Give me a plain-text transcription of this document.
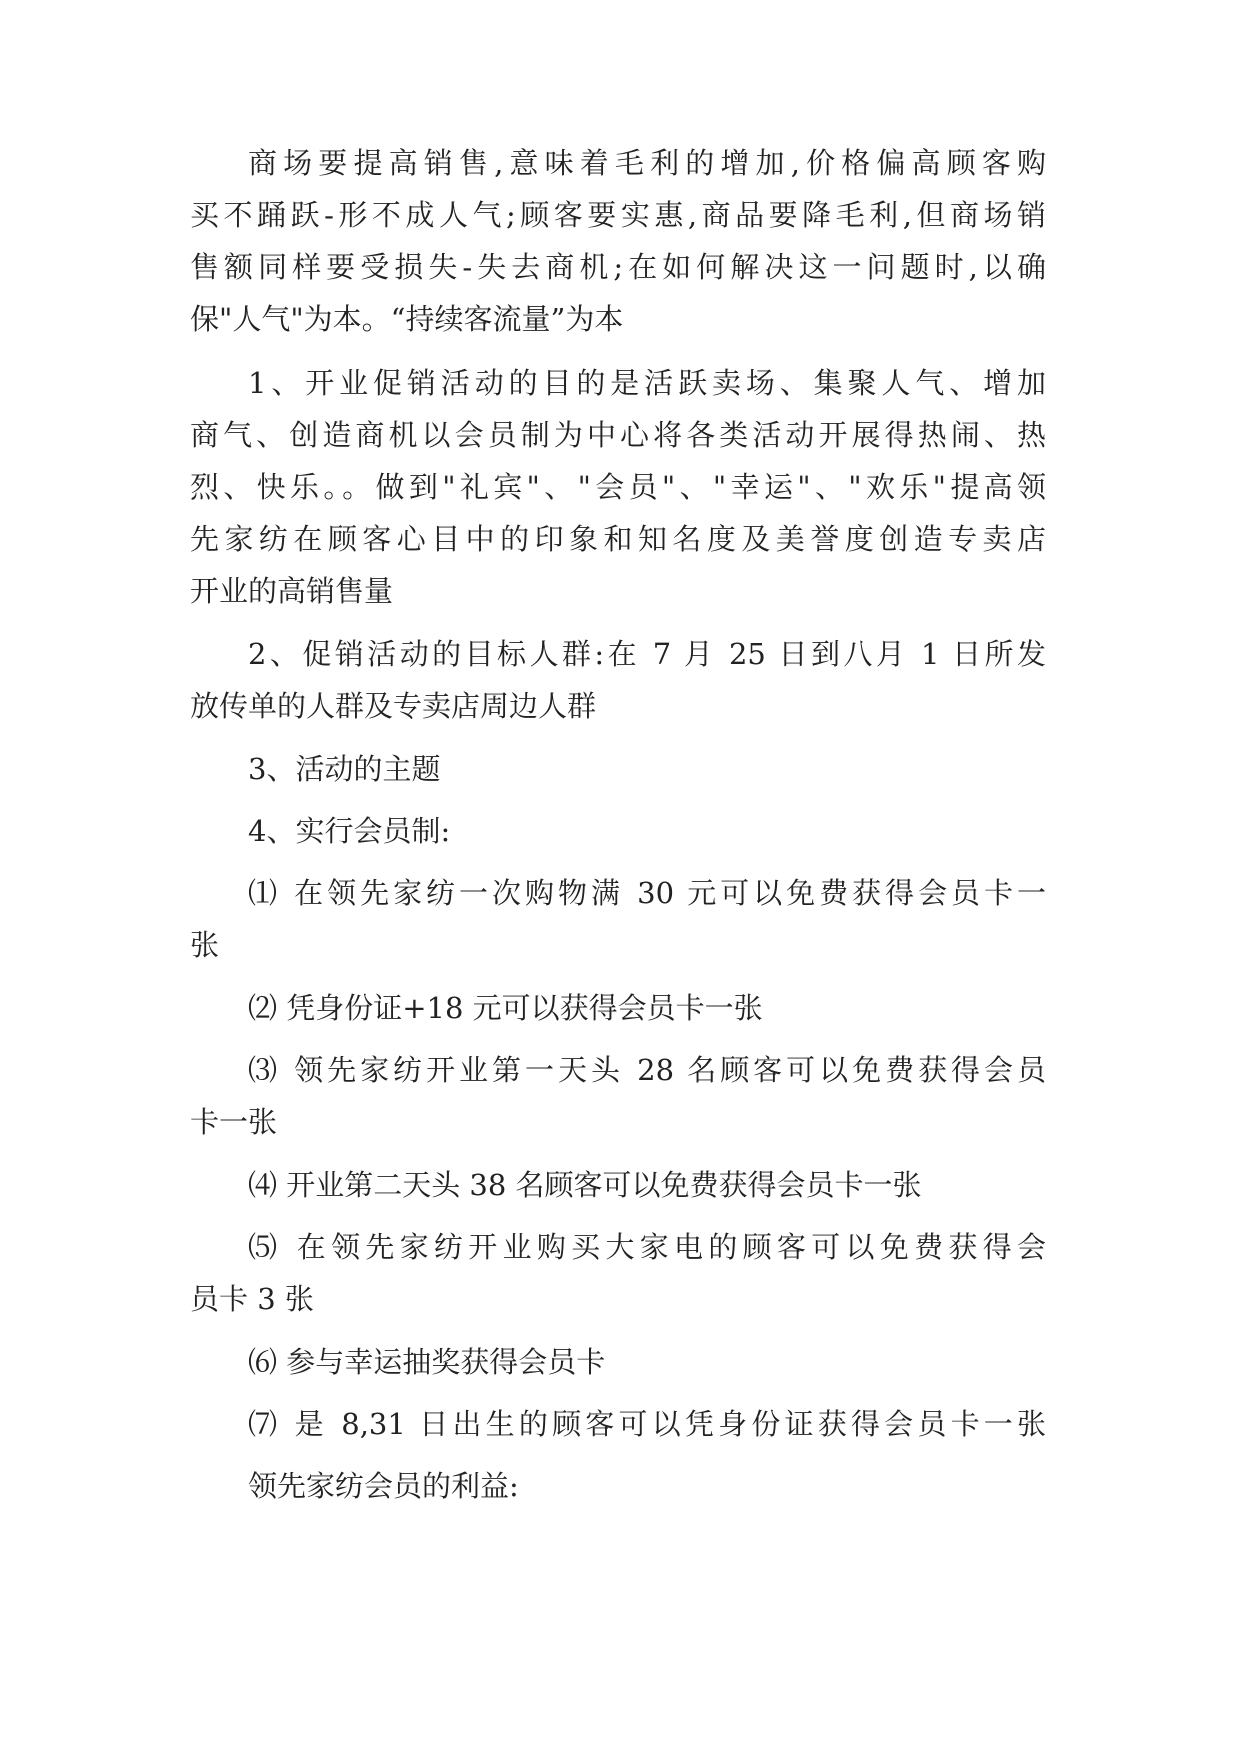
商场要提高销售,意味着毛利的增加,价格偏高顾客购

买不踊跃-形不成人气;顾客要实惠,商品要降毛利,但商场销

售额同样要受损失-失去商机;在如何解决这一问题时,以确

保"人气"为本。“持续客流量”为本

1、开业促销活动的目的是活跃卖场、集聚人气、增加

商气、创造商机以会员制为中心将各类活动开展得热闹、热

烈、快乐。。做到"礼宾"、"会员"、"幸运"、"欢乐"提高领

先家纺在顾客心目中的印象和知名度及美誉度创造专卖店

开业的高销售量

2、促销活动的目标人群:在 7 月 25 日到八月 1 日所发

放传单的人群及专卖店周边人群

3、活动的主题

4、实行会员制:

⑴ 在领先家纺一次购物满 30 元可以免费获得会员卡一

张

⑵ 凭身份证+18 元可以获得会员卡一张

⑶ 领先家纺开业第一天头 28 名顾客可以免费获得会员

卡一张

⑷ 开业第二天头 38 名顾客可以免费获得会员卡一张

⑸ 在领先家纺开业购买大家电的顾客可以免费获得会

员卡 3 张

⑹ 参与幸运抽奖获得会员卡

⑺ 是 8,31 日出生的顾客可以凭身份证获得会员卡一张

领先家纺会员的利益:
